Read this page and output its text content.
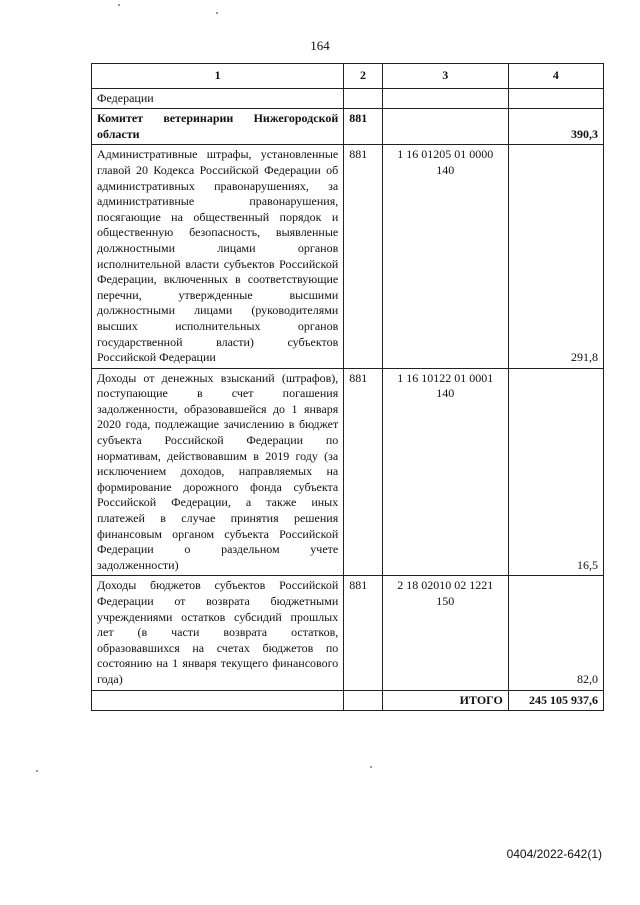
164
1	2	3	4
Федерации			
Комитет ветеринарии Нижегородской области	881		390,3
Административные штрафы, установленные главой 20 Кодекса Российской Федерации об административных правонарушениях, за административные правонарушения, посягающие на общественный порядок и общественную безопасность, выявленные должностными лицами органов исполнительной власти субъектов Российской Федерации, включенных в соответствующие перечни, утвержденные высшими должностными лицами (руководителями высших исполнительных органов государственной власти) субъектов Российской Федерации	881	1 16 01205 01 0000 140	291,8
Доходы от денежных взысканий (штрафов), поступающие в счет погашения задолженности, образовавшейся до 1 января 2020 года, подлежащие зачислению в бюджет субъекта Российской Федерации по нормативам, действовавшим в 2019 году (за исключением доходов, направляемых на формирование дорожного фонда субъекта Российской Федерации, а также иных платежей в случае принятия решения финансовым органом субъекта Российской Федерации о раздельном учете задолженности)	881	1 16 10122 01 0001 140	16,5
Доходы бюджетов субъектов Российской Федерации от возврата бюджетными учреждениями остатков субсидий прошлых лет (в части возврата остатков, образовавшихся на счетах бюджетов по состоянию на 1 января текущего финансового года)	881	2 18 02010 02 1221 150	82,0
		ИТОГО	245 105 937,6
0404/2022-642(1)
